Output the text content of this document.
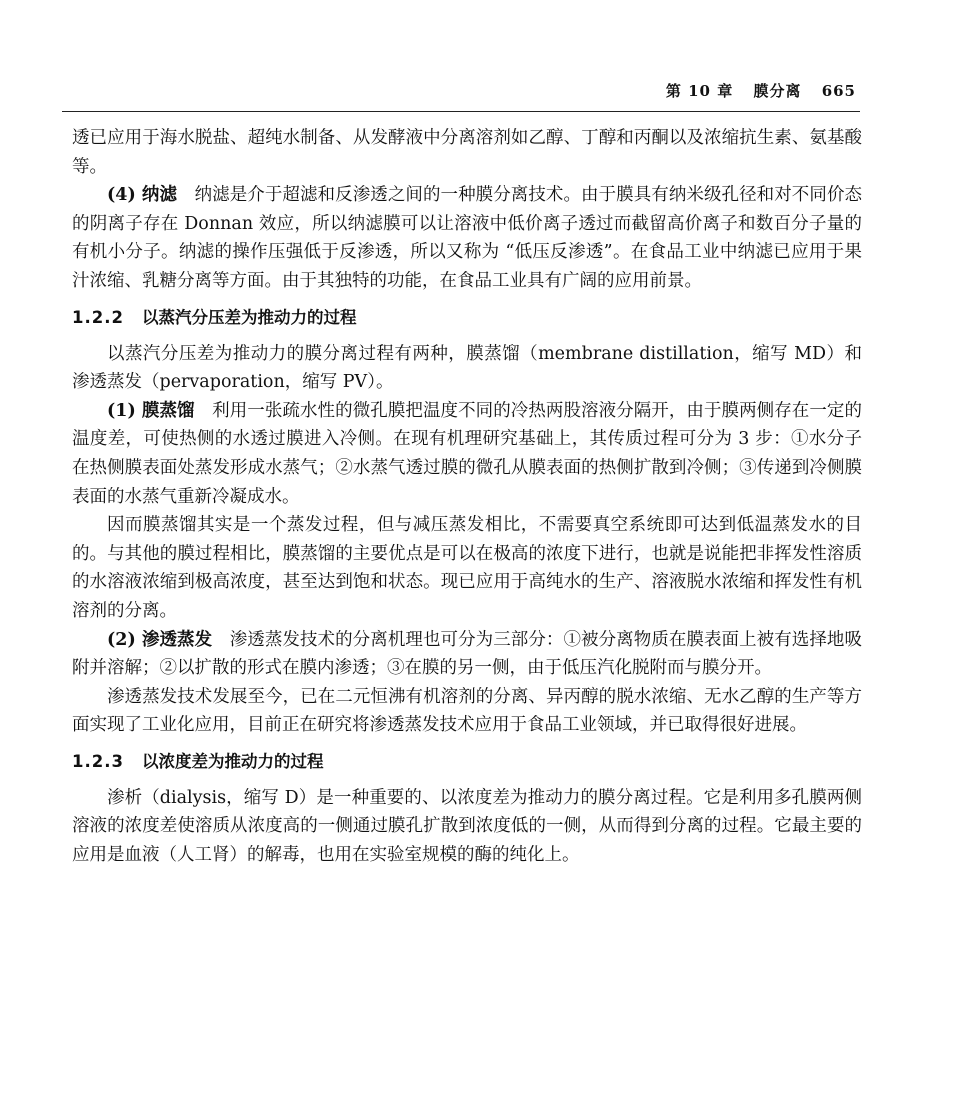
第 10 章 膜分离 665

透已应用于海水脱盐、超纯水制备、从发酵液中分离溶剂如乙醇、丁醇和丙酮以及浓缩抗生素、氨基酸等。

(4) 纳滤　 纳滤是介于超滤和反渗透之间的一种膜分离技术。由于膜具有纳米级孔径和对不同价态的阴离子存在 Donnan 效应，所以纳滤膜可以让溶液中低价离子透过而截留高价离子和数百分子量的有机小分子。纳滤的操作压强低于反渗透，所以又称为 “低压反渗透”。在食品工业中纳滤已应用于果汁浓缩、乳糖分离等方面。由于其独特的功能，在食品工业具有广阔的应用前景。

1.2.2 以蒸汽分压差为推动力的过程

以蒸汽分压差为推动力的膜分离过程有两种，膜蒸馏（membrane distillation，缩写 MD）和渗透蒸发（pervaporation，缩写 PV）。

(1) 膜蒸馏　 利用一张疏水性的微孔膜把温度不同的冷热两股溶液分隔开，由于膜两侧存在一定的温度差，可使热侧的水透过膜进入冷侧。在现有机理研究基础上，其传质过程可分为 3 步：①水分子在热侧膜表面处蒸发形成水蒸气；②水蒸气透过膜的微孔从膜表面的热侧扩散到冷侧；③传递到冷侧膜表面的水蒸气重新冷凝成水。

因而膜蒸馏其实是一个蒸发过程，但与减压蒸发相比，不需要真空系统即可达到低温蒸发水的目的。与其他的膜过程相比，膜蒸馏的主要优点是可以在极高的浓度下进行，也就是说能把非挥发性溶质的水溶液浓缩到极高浓度，甚至达到饱和状态。现已应用于高纯水的生产、溶液脱水浓缩和挥发性有机溶剂的分离。

(2) 渗透蒸发　 渗透蒸发技术的分离机理也可分为三部分：①被分离物质在膜表面上被有选择地吸附并溶解；②以扩散的形式在膜内渗透；③在膜的另一侧，由于低压汽化脱附而与膜分开。

渗透蒸发技术发展至今，已在二元恒沸有机溶剂的分离、异丙醇的脱水浓缩、无水乙醇的生产等方面实现了工业化应用，目前正在研究将渗透蒸发技术应用于食品工业领域，并已取得很好进展。

1.2.3 以浓度差为推动力的过程

渗析（dialysis，缩写 D）是一种重要的、以浓度差为推动力的膜分离过程。它是利用多孔膜两侧溶液的浓度差使溶质从浓度高的一侧通过膜孔扩散到浓度低的一侧，从而得到分离的过程。它最主要的应用是血液（人工肾）的解毒，也用在实验室规模的酶的纯化上。
